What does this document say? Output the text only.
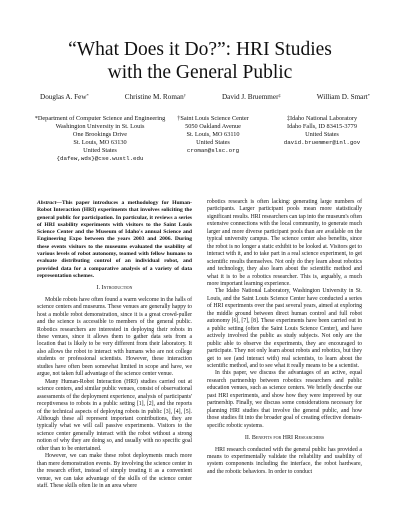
“What Does it Do?”: HRI Studies
with the General Public
Douglas A. Few*	Christine M. Roman†	David J. Bruemmer‡	William D. Smart*
*Department of Computer Science and Engineering
Washington University in St. Louis
One Brookings Drive
St. Louis, MO 63130
United States
{dafew,wds}@cse.wustl.edu
†Saint Louis Science Center
5050 Oakland Avenue
St. Louis, MO 63110
United States
croman@slsc.org
‡Idaho National Laboratory
Idaho Falls, ID 83415-3779
United States
david.bruemmer@inl.gov

Abstract—This paper introduces a methodology for Human-Robot Interaction (HRI) experiments that involves soliciting the general public for participation. In particular, it reviews a series of HRI usability experiments with visitors to the Saint Louis Science Center and the Museum of Idaho's annual Science and Engineering Expo between the years 2003 and 2006. During these events visitors to the museums evaluated the usability of various levels of robot autonomy, teamed with fellow humans to evaluate distributing control of an individual robot, and provided data for a comparative analysis of a variety of data representation schemes.

I. Introduction

Mobile robots have often found a warm welcome in the halls of science centers and museums. These venues are generally happy to host a mobile robot demonstration, since it is a great crowd-puller and the science is accessible to members of the general public. Robotics researchers are interested in deploying their robots in these venues, since it allows them to gather data sets from a location that is likely to be very different from their laboratory. It also allows the robot to interact with humans who are not college students or professional scientists. However, these interaction studies have often been somewhat limited in scope and have, we argue, not taken full advantage of the science center venue.

Many Human-Robot Interaction (HRI) studies carried out at science centers, and similar public venues, consist of observational assessments of the deployment experience, analysis of participants' receptiveness to robots in a public setting [1], [2], and the reports of the technical aspects of deploying robots in public [3], [4], [5]. Although these all represent important contributions, they are typically what we will call passive experiments. Visitors to the science center generally interact with the robot without a strong notion of why they are doing so, and usually with no specific goal other than to be entertained.

However, we can make these robot deployments much more than mere demonstration events. By involving the science center in the research effort, instead of simply treating it as a convenient venue, we can take advantage of the skills of the science center staff. These skills often lie in an area where

robotics research is often lacking: generating large numbers of participants. Larger participant pools mean more statistically significant results. HRI researchers can tap into the museum's often extensive connections with the local community, to generate much larger and more diverse participant pools than are available on the typical university campus. The science center also benefits, since the robot is no longer a static exhibit to be looked at. Visitors get to interact with it, and to take part in a real science experiment, to get scientific results themselves. Not only do they learn about robotics and technology, they also learn about the scientific method and what it is to be a robotics researcher. This is, arguably, a much more important learning experience.

The Idaho National Laboratory, Washington University in St. Louis, and the Saint Louis Science Center have conducted a series of HRI experiments over the past several years, aimed at exploring the middle ground between direct human control and full robot autonomy [6], [7], [8]. These experiments have been carried out in a public setting (often the Saint Louis Science Center), and have actively involved the public as study subjects. Not only are the public able to observe the experiments, they are encouraged to participate. They not only learn about robots and robotics, but they get to see (and interact with) real scientists, to learn about the scientific method, and to see what it really means to be a scientist.

In this paper, we discuss the advantages of an active, equal research partnership between robotics researchers and public education venues, such as science centers. We briefly describe our past HRI experiments, and show how they were improved by our partnership. Finally, we discuss some considerations necessary for planning HRI studies that involve the general public, and how those studies fit into the broader goal of creating effective domain-specific robotic systems.

II. Benefits for HRI Researchers

HRI research conducted with the general public has provided a means to experimentally validate the reliability and usability of system components including the interface, the robot hardware, and the robotic behaviors. In order to conduct
